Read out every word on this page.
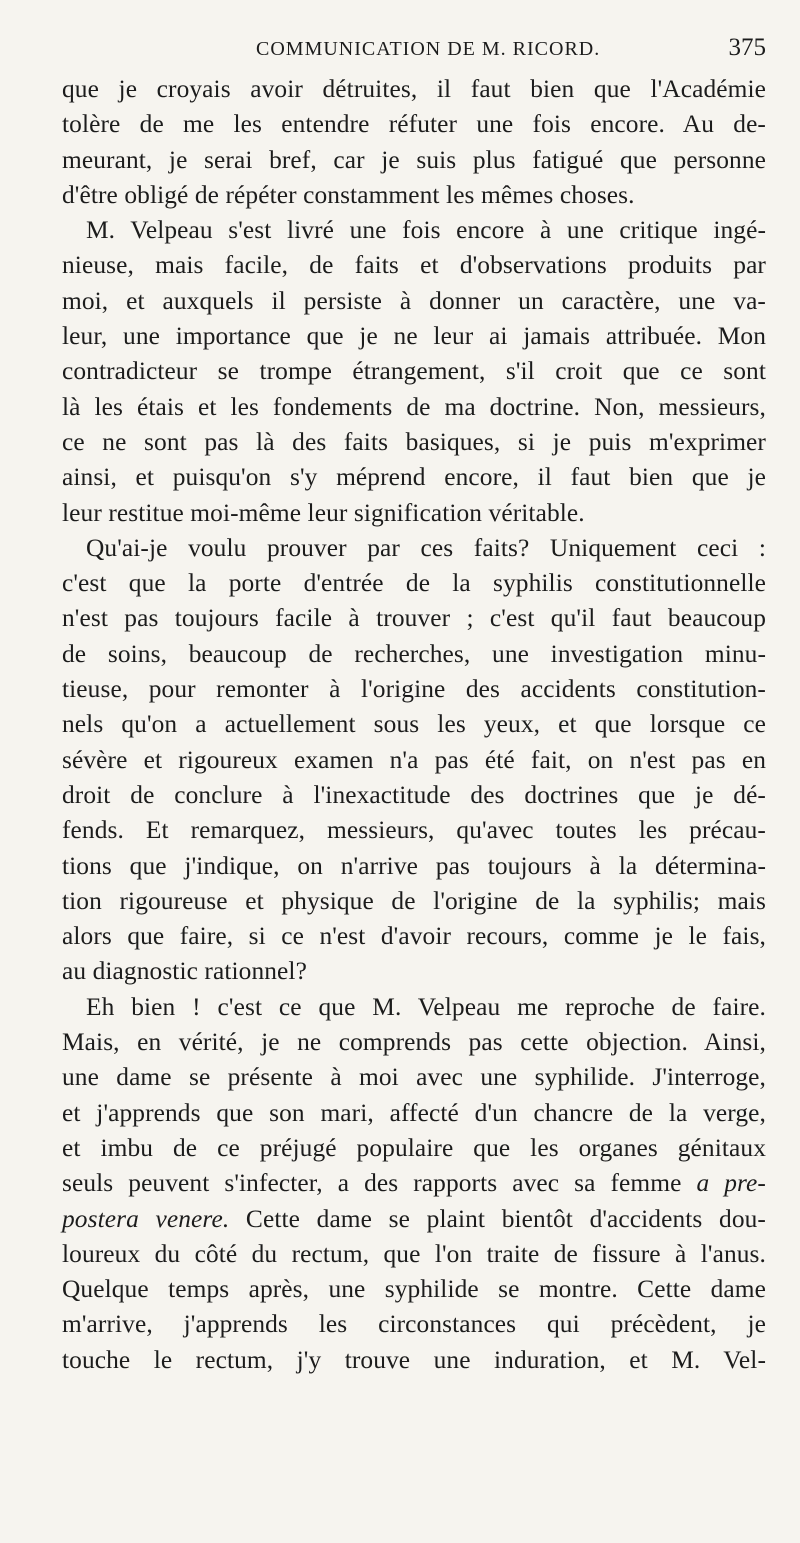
COMMUNICATION DE M. RICORD.	375
que je croyais avoir détruites, il faut bien que l'Académie
tolère de me les entendre réfuter une fois encore. Au de-
meurant, je serai bref, car je suis plus fatigué que personne
d'être obligé de répéter constamment les mêmes choses.
M. Velpeau s'est livré une fois encore à une critique ingé-
nieuse, mais facile, de faits et d'observations produits par
moi, et auxquels il persiste à donner un caractère, une va-
leur, une importance que je ne leur ai jamais attribuée. Mon
contradicteur se trompe étrangement, s'il croit que ce sont
là les étais et les fondements de ma doctrine. Non, messieurs,
ce ne sont pas là des faits basiques, si je puis m'exprimer
ainsi, et puisqu'on s'y méprend encore, il faut bien que je
leur restitue moi-même leur signification véritable.
Qu'ai-je voulu prouver par ces faits? Uniquement ceci :
c'est que la porte d'entrée de la syphilis constitutionnelle
n'est pas toujours facile à trouver ; c'est qu'il faut beaucoup
de soins, beaucoup de recherches, une investigation minu-
tieuse, pour remonter à l'origine des accidents constitution-
nels qu'on a actuellement sous les yeux, et que lorsque ce
sévère et rigoureux examen n'a pas été fait, on n'est pas en
droit de conclure à l'inexactitude des doctrines que je dé-
fends. Et remarquez, messieurs, qu'avec toutes les précau-
tions que j'indique, on n'arrive pas toujours à la détermina-
tion rigoureuse et physique de l'origine de la syphilis; mais
alors que faire, si ce n'est d'avoir recours, comme je le fais,
au diagnostic rationnel?
Eh bien ! c'est ce que M. Velpeau me reproche de faire.
Mais, en vérité, je ne comprends pas cette objection. Ainsi,
une dame se présente à moi avec une syphilide. J'interroge,
et j'apprends que son mari, affecté d'un chancre de la verge,
et imbu de ce préjugé populaire que les organes génitaux
seuls peuvent s'infecter, a des rapports avec sa femme a pre-
postera venere. Cette dame se plaint bientôt d'accidents dou-
loureux du côté du rectum, que l'on traite de fissure à l'anus.
Quelque temps après, une syphilide se montre. Cette dame
m'arrive, j'apprends les circonstances qui précèdent, je
touche le rectum, j'y trouve une induration, et M. Vel-
